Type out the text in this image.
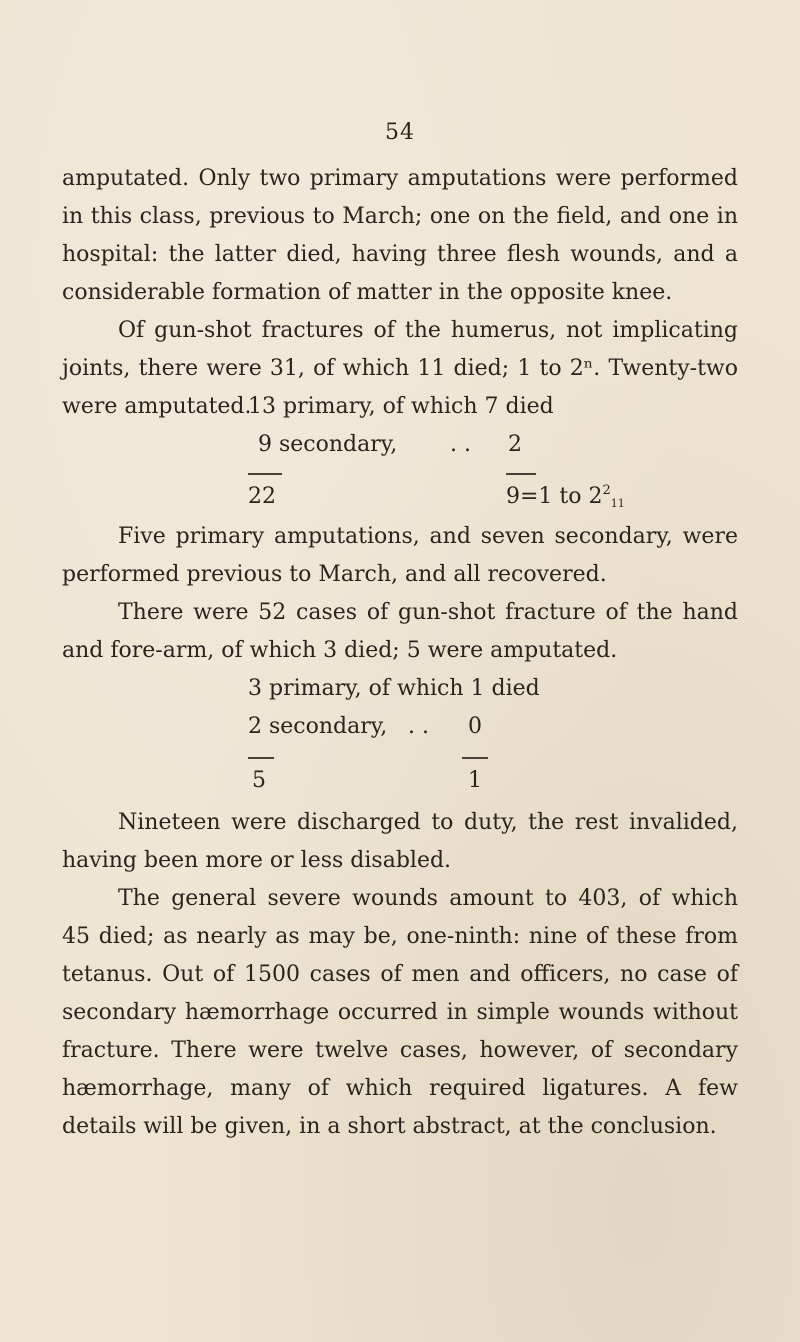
54

amputated. Only two primary amputations were performed in this class, previous to March; one on the field, and one in hospital: the latter died, having three flesh wounds, and a considerable formation of matter in the opposite knee.

Of gun-shot fractures of the humerus, not implicating joints, there were 31, of which 11 died; 1 to 2ⁿ. Twenty-two were amputated.

13 primary, of which 7 died
9 secondary, . . 2
22	9=1 to $2^2_{11}$

Five primary amputations, and seven secondary, were performed previous to March, and all recovered.

There were 52 cases of gun-shot fracture of the hand and fore-arm, of which 3 died; 5 were amputated.

3 primary, of which 1 died
2 secondary, . . 0
5	1

Nineteen were discharged to duty, the rest invalided, having been more or less disabled.

The general severe wounds amount to 403, of which 45 died; as nearly as may be, one-ninth: nine of these from tetanus. Out of 1500 cases of men and officers, no case of secondary hæmorrhage occurred in simple wounds without fracture. There were twelve cases, however, of secondary hæmorrhage, many of which required ligatures. A few details will be given, in a short abstract, at the conclusion.
